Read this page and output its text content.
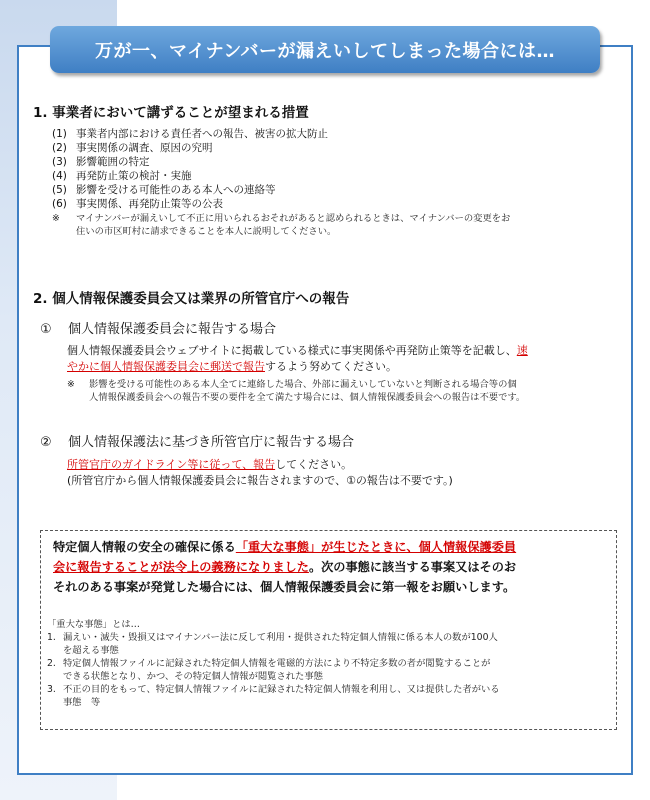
万が一、マイナンバーが漏えいしてしまった場合には…
1. 事業者において講ずることが望まれる措置
(1) 事業者内部における責任者への報告、被害の拡大防止
(2) 事実関係の調査、原因の究明
(3) 影響範囲の特定
(4) 再発防止策の検討・実施
(5) 影響を受ける可能性のある本人への連絡等
(6) 事実関係、再発防止策等の公表
※ マイナンバーが漏えいして不正に用いられるおそれがあると認められるときは、マイナンバーの変更をお
住いの市区町村に請求できることを本人に説明してください。
2. 個人情報保護委員会又は業界の所管官庁への報告
① 個人情報保護委員会に報告する場合
個人情報保護委員会ウェブサイトに掲載している様式に事実関係や再発防止策等を記載し、速
やかに個人情報保護委員会に郵送で報告するよう努めてください。
※ 影響を受ける可能性のある本人全てに連絡した場合、外部に漏えいしていないと判断される場合等の個
人情報保護委員会への報告不要の要件を全て満たす場合には、個人情報保護委員会への報告は不要です。
② 個人情報保護法に基づき所管官庁に報告する場合
所管官庁のガイドライン等に従って、報告してください。
(所管官庁から個人情報保護委員会に報告されますので、①の報告は不要です。)
特定個人情報の安全の確保に係る「重大な事態」が生じたときに、個人情報保護委員
会に報告することが法令上の義務になりました。次の事態に該当する事案又はそのお
それのある事案が発覚した場合には、個人情報保護委員会に第一報をお願いします。
「重大な事態」とは…
1. 漏えい・滅失・毀損又はマイナンバー法に反して利用・提供された特定個人情報に係る本人の数が100人
を超える事態
2. 特定個人情報ファイルに記録された特定個人情報を電磁的方法により不特定多数の者が閲覧することが
できる状態となり、かつ、その特定個人情報が閲覧された事態
3. 不正の目的をもって、特定個人情報ファイルに記録された特定個人情報を利用し、又は提供した者がいる
事態　等
